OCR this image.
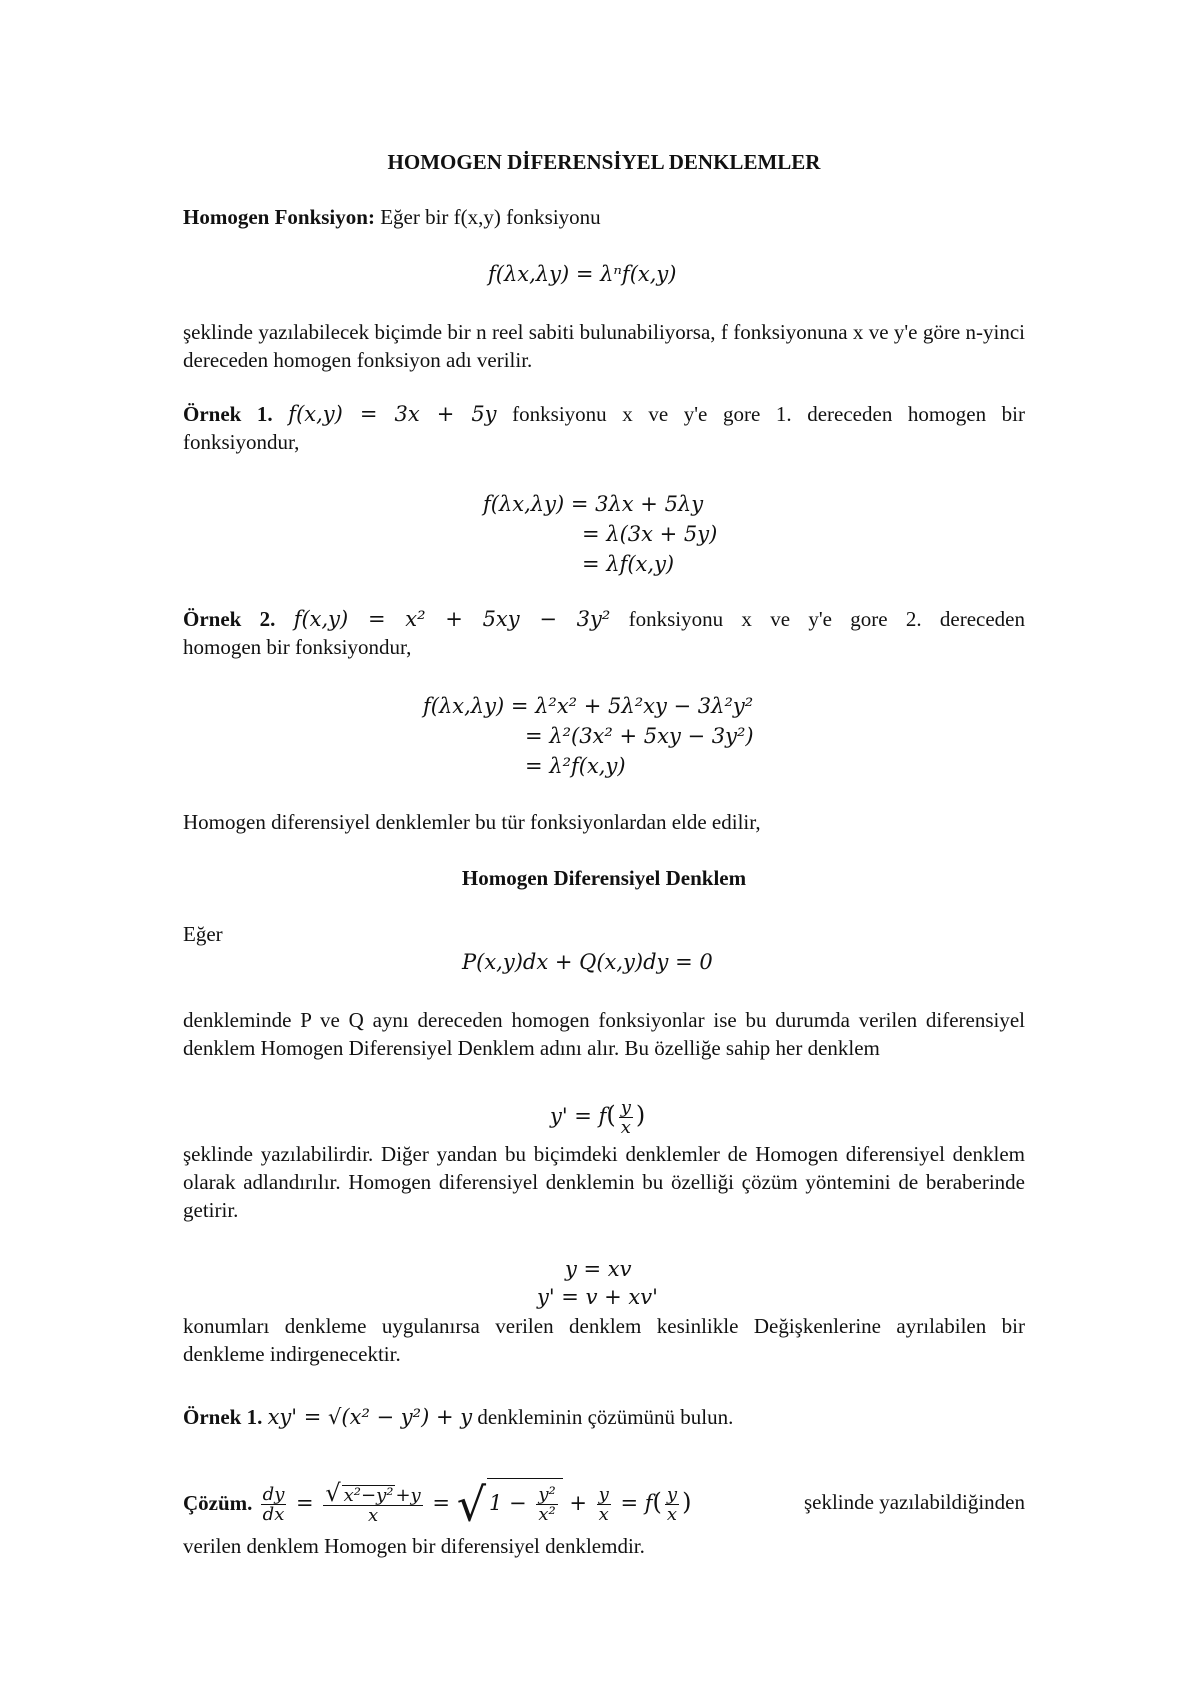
HOMOGEN DİFERENSİYEL DENKLEMLER
Homogen Fonksiyon: Eğer bir f(x,y) fonksiyonu
f(λx,λy) = λⁿf(x,y)
şeklinde yazılabilecek biçimde bir n reel sabiti bulunabiliyorsa, f fonksiyonuna x ve y'e göre n-yinci dereceden homogen fonksiyon adı verilir.
Örnek 1. f(x,y) = 3x + 5y fonksiyonu x ve y'e gore 1. dereceden homogen bir
fonksiyondur,
f(λx,λy) = 3λx + 5λy
= λ(3x + 5y)
= λf(x,y)
Örnek 2. f(x,y) = x² + 5xy − 3y² fonksiyonu x ve y'e gore 2. dereceden
homogen bir fonksiyondur,
f(λx,λy) = λ²x² + 5λ²xy − 3λ²y²
= λ²(3x² + 5xy − 3y²)
= λ²f(x,y)
Homogen diferensiyel denklemler bu tür fonksiyonlardan elde edilir,
Homogen Diferensiyel Denklem
Eğer
P(x,y)dx + Q(x,y)dy = 0
denkleminde P ve Q aynı dereceden homogen fonksiyonlar ise bu durumda verilen diferensiyel denklem Homogen Diferensiyel Denklem adını alır. Bu özelliğe sahip her denklem
$y' = f( \frac{y}{x}$ )
şeklinde yazılabilirdir. Diğer yandan bu biçimdeki denklemler de Homogen diferensiyel denklem olarak adlandırılır. Homogen diferensiyel denklemin bu özelliği çözüm yöntemini de beraberinde getirir.
y = xv
y' = v + xv'
konumları denkleme uygulanırsa verilen denklem kesinlikle Değişkenlerine ayrılabilen bir denkleme indirgenecektir.
Örnek 1. xy' = √(x² − y²) + y denkleminin çözümünü bulun.
Çözüm. $\frac{dy}{dx} = \frac{\text{√ x²−y² +y}}{x}$ = √ $1 - \frac{\text{y²}}{\text{x²}} + \frac{y}{x} = f( \frac{y}{x}$ )	şeklinde yazılabildiğinden
verilen denklem Homogen bir diferensiyel denklemdir.
